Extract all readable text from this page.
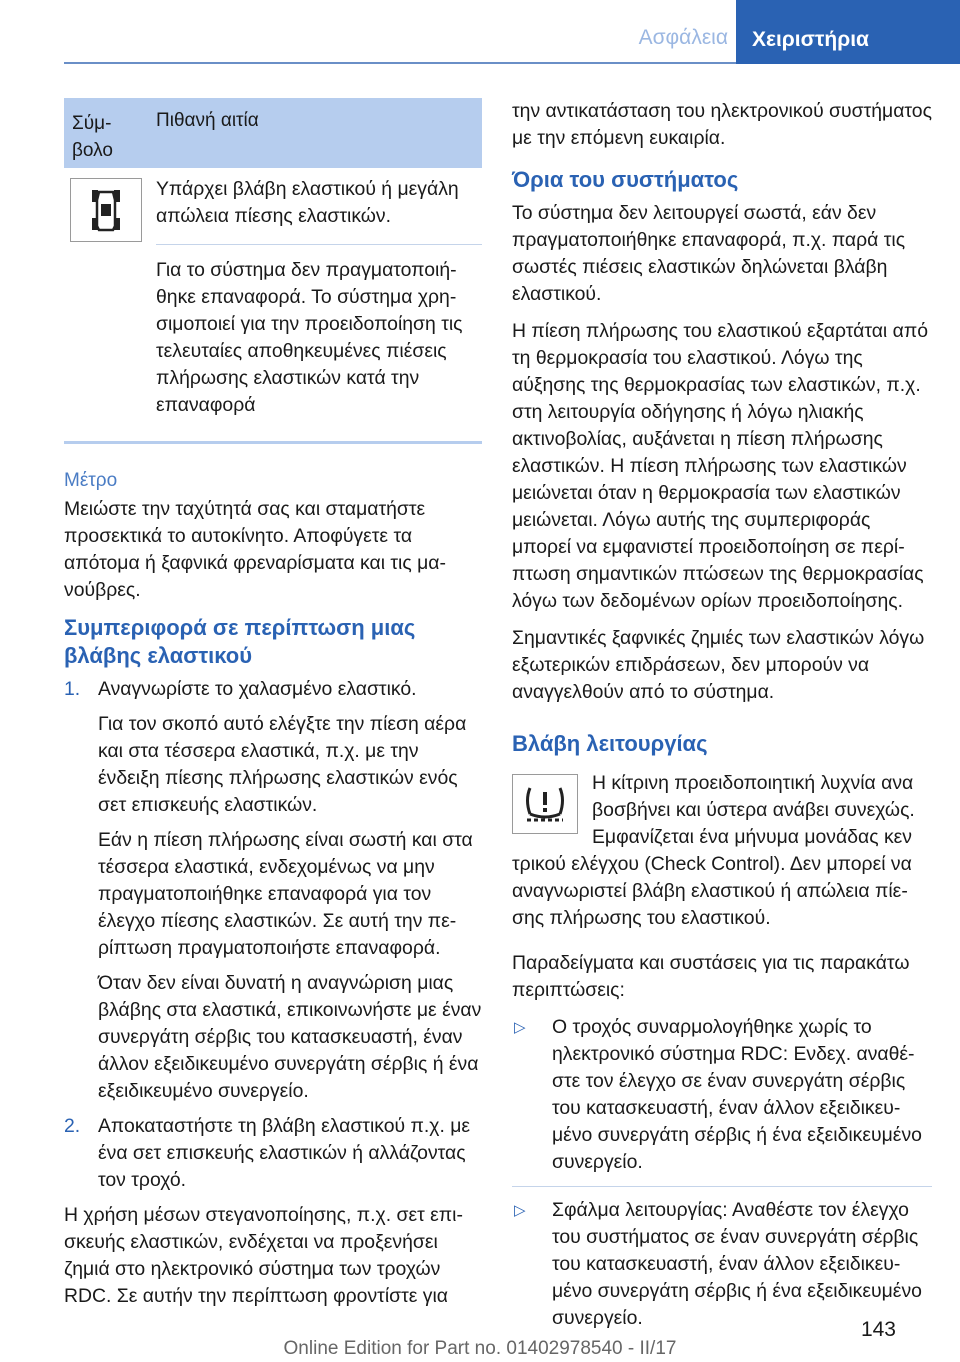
Ασφάλεια	Χειριστήρια
Σύμ-
βολο
Πιθανή αιτία

Υπάρχει βλάβη ελαστικού ή μεγάλη απώλεια πίεσης ελαστικών.

Για το σύστημα δεν πραγματοποιήθηκε επαναφορά. Το σύστημα χρησιμοποιεί για την προειδοποίηση τις τελευταίες αποθηκευμένες πιέσεις πλήρωσης ελαστικών κατά την επαναφορά

Μέτρο

Μειώστε την ταχύτητά σας και σταματήστε προσεκτικά το αυτοκίνητο. Αποφύγετε τα απότομα ή ξαφνικά φρεναρίσματα και τις μανούβρες.

Συμπεριφορά σε περίπτωση μιας βλάβης ελαστικού
1. Αναγνωρίστε το χαλασμένο ελαστικό.

Για τον σκοπό αυτό ελέγξτε την πίεση αέρα και στα τέσσερα ελαστικά, π.χ. με την ένδειξη πίεσης πλήρωσης ελαστικών ενός σετ επισκευής ελαστικών.

Εάν η πίεση πλήρωσης είναι σωστή και στα τέσσερα ελαστικά, ενδεχομένως να μην πραγματοποιήθηκε επαναφορά για τον έλεγχο πίεσης ελαστικών. Σε αυτή την περίπτωση πραγματοποιήστε επαναφορά.

Όταν δεν είναι δυνατή η αναγνώριση μιας βλάβης στα ελαστικά, επικοινωνήστε με έναν συνεργάτη σέρβις του κατασκευαστή, έναν άλλον εξειδικευμένο συνεργάτη σέρβις ή ένα εξειδικευμένο συνεργείο.

2. Αποκαταστήστε τη βλάβη ελαστικού π.χ. με ένα σετ επισκευής ελαστικών ή αλλάζοντας τον τροχό.

Η χρήση μέσων στεγανοποίησης, π.χ. σετ επισκευής ελαστικών, ενδέχεται να προξενήσει ζημιά στο ηλεκτρονικό σύστημα των τροχών RDC. Σε αυτήν την περίπτωση φροντίστε για

την αντικατάσταση του ηλεκτρονικού συστήματος με την επόμενη ευκαιρία.

Όρια του συστήματος

Το σύστημα δεν λειτουργεί σωστά, εάν δεν πραγματοποιήθηκε επαναφορά, π.χ. παρά τις σωστές πιέσεις ελαστικών δηλώνεται βλάβη ελαστικού.

Η πίεση πλήρωσης του ελαστικού εξαρτάται από τη θερμοκρασία του ελαστικού. Λόγω της αύξησης της θερμοκρασίας των ελαστικών, π.χ. στη λειτουργία οδήγησης ή λόγω ηλιακής ακτινοβολίας, αυξάνεται η πίεση πλήρωσης ελαστικών. Η πίεση πλήρωσης των ελαστικών μειώνεται όταν η θερμοκρασία των ελαστικών μειώνεται. Λόγω αυτής της συμπεριφοράς μπορεί να εμφανιστεί προειδοποίηση σε περίπτωση σημαντικών πτώσεων της θερμοκρασίας λόγω των δεδομένων ορίων προειδοποίησης.

Σημαντικές ξαφνικές ζημιές των ελαστικών λόγω εξωτερικών επιδράσεων, δεν μπορούν να αναγγελθούν από το σύστημα.

Βλάβη λειτουργίας

Η κίτρινη προειδοποιητική λυχνία ανα

βοσβήνει και ύστερα ανάβει συνεχώς.

Εμφανίζεται ένα μήνυμα μονάδας κεν

τρικού ελέγχου (Check Control). Δεν μπορεί να αναγνωριστεί βλάβη ελαστικού ή απώλεια πίεσης πλήρωσης του ελαστικού.

Παραδείγματα και συστάσεις για τις παρακάτω περιπτώσεις:

▷ Ο τροχός συναρμολογήθηκε χωρίς το ηλεκτρονικό σύστημα RDC: Ενδεχ. αναθέστε τον έλεγχο σε έναν συνεργάτη σέρβις του κατασκευαστή, έναν άλλον εξειδικευμένο συνεργάτη σέρβις ή ένα εξειδικευμένο συνεργείο.
▷ Σφάλμα λειτουργίας: Αναθέστε τον έλεγχο του συστήματος σε έναν συνεργάτη σέρβις του κατασκευαστή, έναν άλλον εξειδικευμένο συνεργάτη σέρβις ή ένα εξειδικευμένο συνεργείο.	143
Online Edition for Part no. 01402978540 - II/17
